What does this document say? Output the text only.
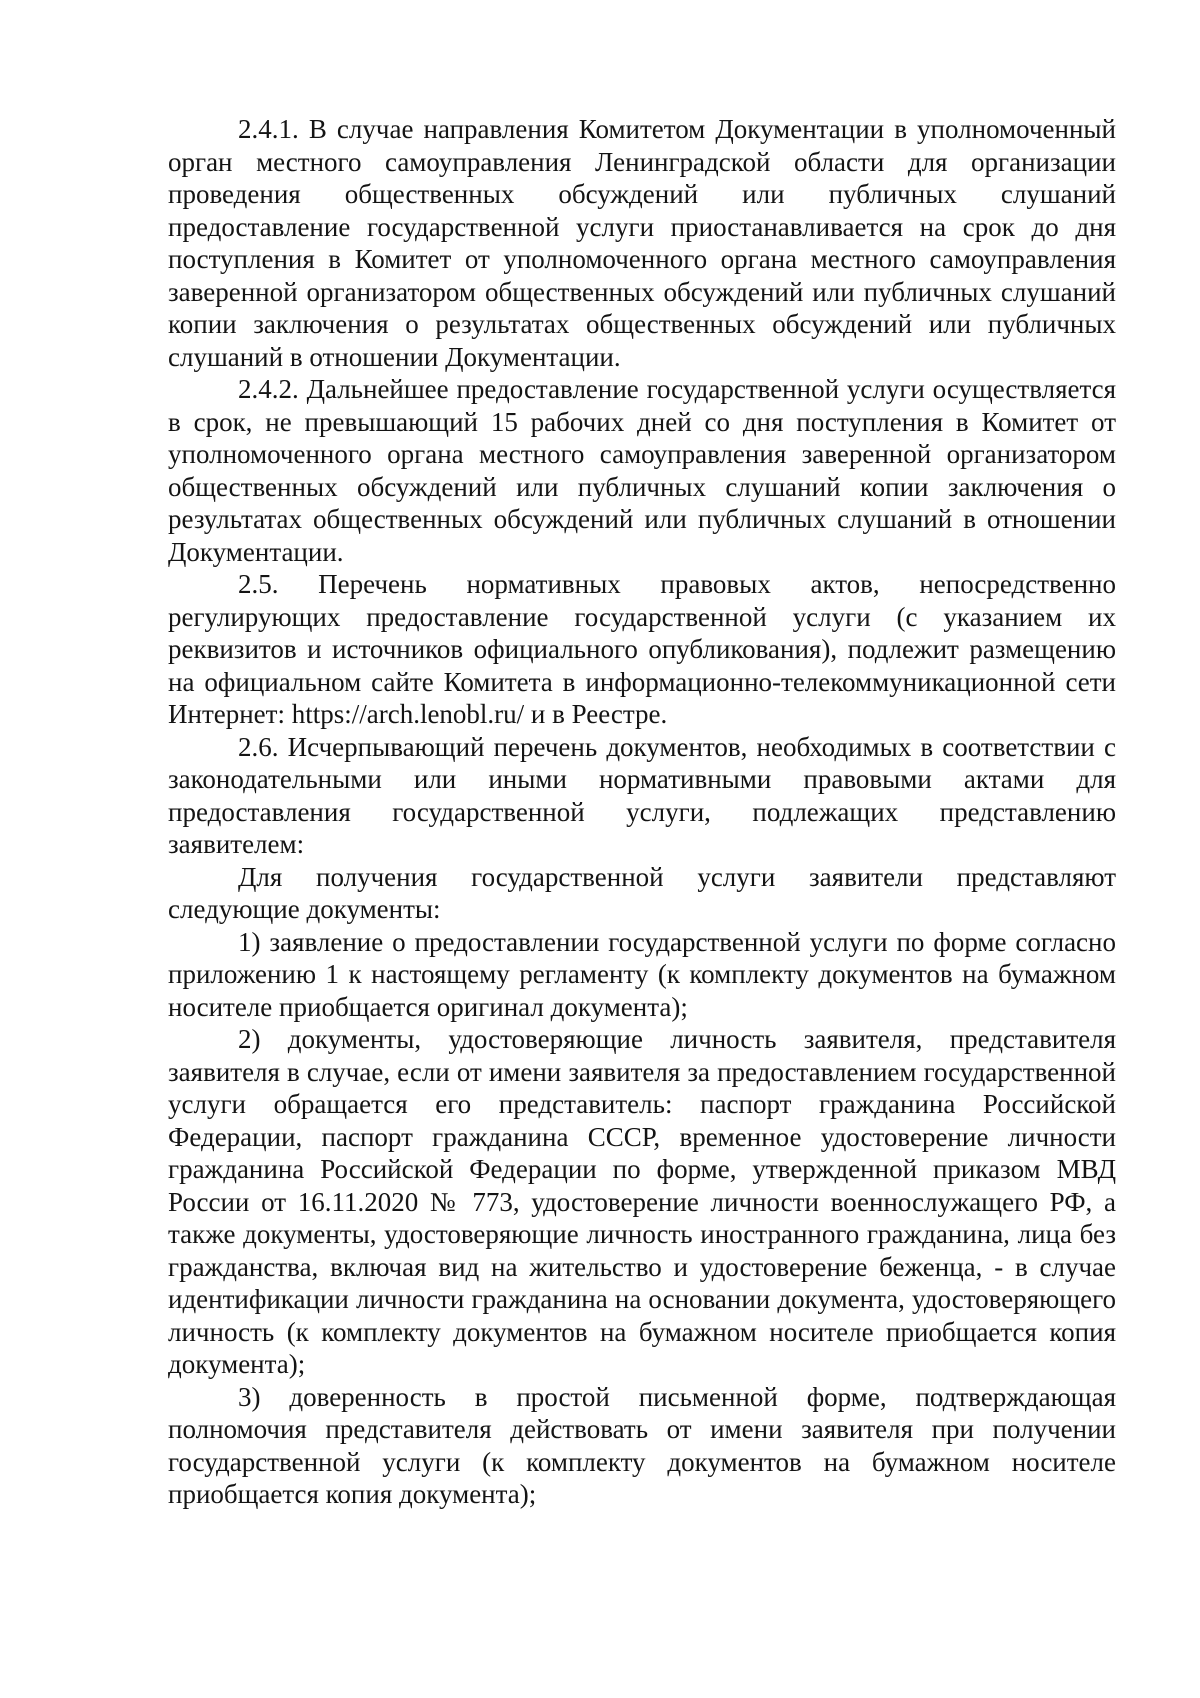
2.4.1. В случае направления Комитетом Документации в уполномоченный орган местного самоуправления Ленинградской области для организации проведения общественных обсуждений или публичных слушаний предоставление государственной услуги приостанавливается на срок до дня поступления в Комитет от уполномоченного органа местного самоуправления заверенной организатором общественных обсуждений или публичных слушаний копии заключения о результатах общественных обсуждений или публичных слушаний в отношении Документации.

2.4.2. Дальнейшее предоставление государственной услуги осуществляется в срок, не превышающий 15 рабочих дней со дня поступления в Комитет от уполномоченного органа местного самоуправления заверенной организатором общественных обсуждений или публичных слушаний копии заключения о результатах общественных обсуждений или публичных слушаний в отношении Документации.

2.5. Перечень нормативных правовых актов, непосредственно регулирующих предоставление государственной услуги (с указанием их реквизитов и источников официального опубликования), подлежит размещению на официальном сайте Комитета в информационно-телекоммуникационной сети Интернет: https://arch.lenobl.ru/ и в Реестре.

2.6. Исчерпывающий перечень документов, необходимых в соответствии с законодательными или иными нормативными правовыми актами для предоставления государственной услуги, подлежащих представлению заявителем:

Для получения государственной услуги заявители представляют следующие документы:

1) заявление о предоставлении государственной услуги по форме согласно приложению 1 к настоящему регламенту (к комплекту документов на бумажном носителе приобщается оригинал документа);

2) документы, удостоверяющие личность заявителя, представителя заявителя в случае, если от имени заявителя за предоставлением государственной услуги обращается его представитель: паспорт гражданина Российской Федерации, паспорт гражданина СССР, временное удостоверение личности гражданина Российской Федерации по форме, утвержденной приказом МВД России от 16.11.2020 № 773, удостоверение личности военнослужащего РФ, а также документы, удостоверяющие личность иностранного гражданина, лица без гражданства, включая вид на жительство и удостоверение беженца, - в случае идентификации личности гражданина на основании документа, удостоверяющего личность (к комплекту документов на бумажном носителе приобщается копия документа);

3) доверенность в простой письменной форме, подтверждающая полномочия представителя действовать от имени заявителя при получении государственной услуги (к комплекту документов на бумажном носителе приобщается копия документа);
